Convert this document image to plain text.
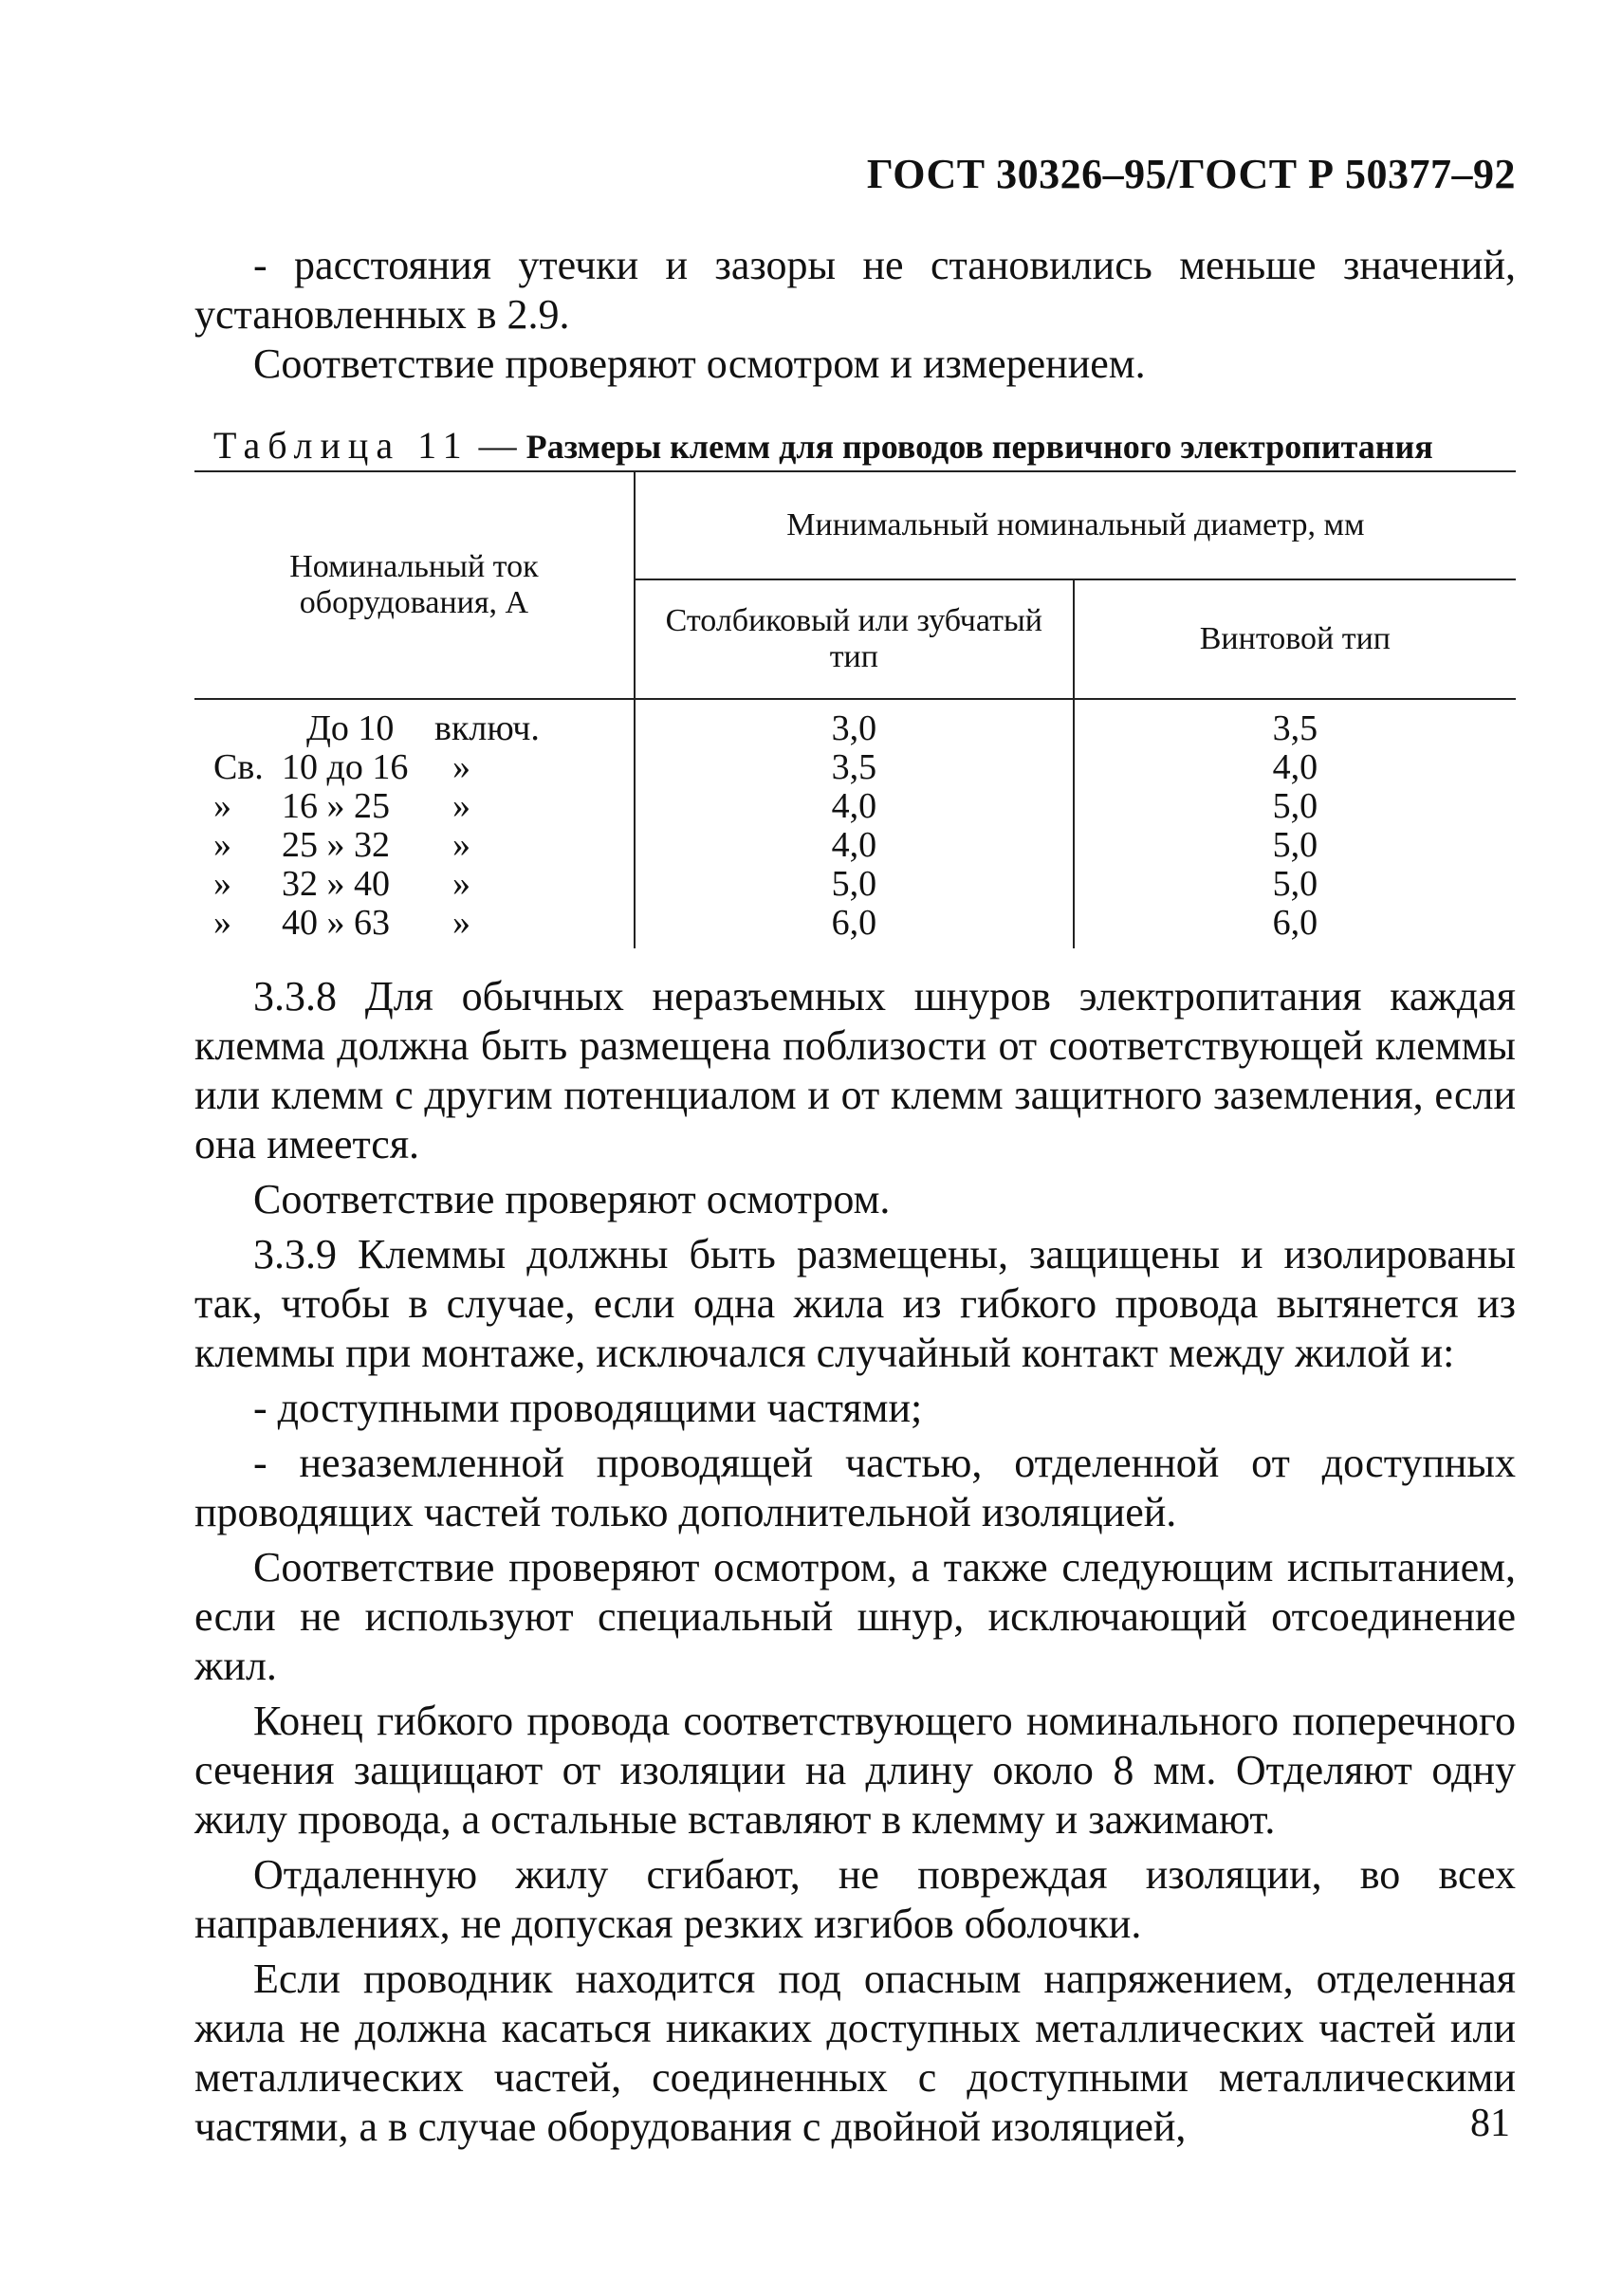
ГОСТ 30326–95/ГОСТ Р 50377–92

- расстояния утечки и зазоры не становились меньше значений, установленных в 2.9.

Соответствие проверяют осмотром и измерением.

Таблица 11 — Размеры клемм для проводов первичного электропитания
Номинальный ток оборудования, А	Минимальный номинальный диаметр, мм	
	Столбиковый или зубчатый тип	Винтовой тип

До 10 включ.	3,0	3,5

Св. 10 до 16 »	3,5	4,0

» 16 » 25 »	4,0	5,0

» 25 » 32 »	4,0	5,0

» 32 » 40 »	5,0	5,0

» 40 » 63 »	6,0	6,0

3.3.8 Для обычных неразъемных шнуров электропитания каждая клемма должна быть размещена поблизости от соответствующей клеммы или клемм с другим потенциалом и от клемм защитного заземления, если она имеется.

Соответствие проверяют осмотром.

3.3.9 Клеммы должны быть размещены, защищены и изолированы так, чтобы в случае, если одна жила из гибкого провода вытянется из клеммы при монтаже, исключался случайный контакт между жилой и:

- доступными проводящими частями;

- незаземленной проводящей частью, отделенной от доступных проводящих частей только дополнительной изоляцией.

Соответствие проверяют осмотром, а также следующим испытанием, если не используют специальный шнур, исключающий отсоединение жил.

Конец гибкого провода соответствующего номинального поперечного сечения защищают от изоляции на длину около 8 мм. Отделяют одну жилу провода, а остальные вставляют в клемму и зажимают.

Отдаленную жилу сгибают, не повреждая изоляции, во всех направлениях, не допуская резких изгибов оболочки.

Если проводник находится под опасным напряжением, отделенная жила не должна касаться никаких доступных металлических частей или металлических частей, соединенных с доступными металлическими частями, а в случае оборудования с двойной изоляцией,	81
